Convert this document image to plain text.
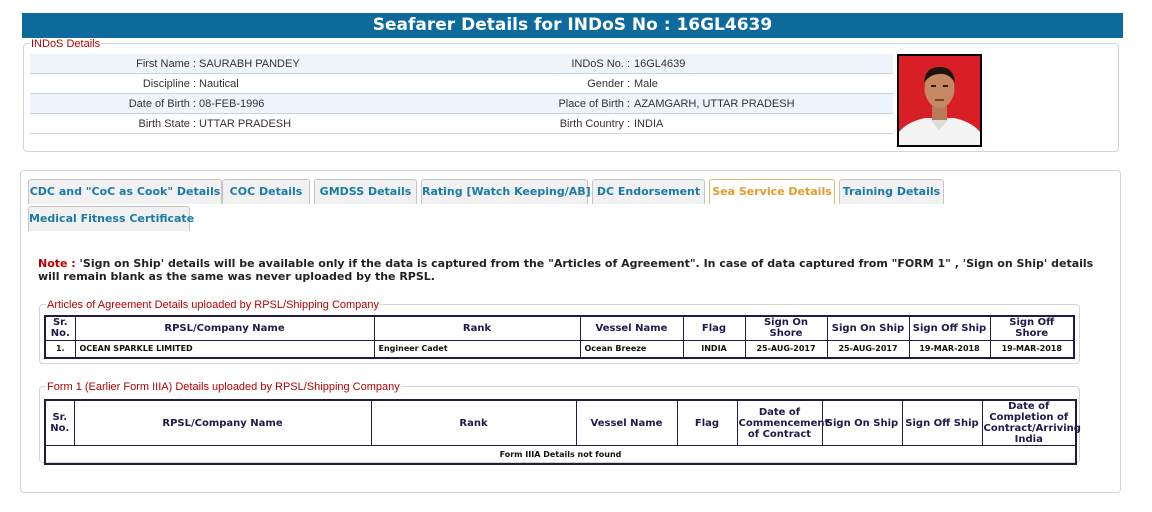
Seafarer Details for INDoS No : 16GL4639
INDoS Details
First Name : SAURABH PANDEY	INDoS No. : 16GL4639
Discipline : Nautical	Gender : Male
Date of Birth : 08-FEB-1996	Place of Birth : AZAMGARH, UTTAR PRADESH
Birth State : UTTAR PRADESH	Birth Country : INDIA
CDC and "CoC as Cook" Details COC Details	GMDSS Details Rating [Watch Keeping/AB] DC Endorsement	Sea Service Details	Training Details
Medical Fitness Certificate
Note : 'Sign on Ship' details will be available only if the data is captured from the "Articles of Agreement". In case of data captured from "FORM 1" , 'Sign on Ship' details will remain blank as the same was never uploaded by the RPSL.
Articles of Agreement Details uploaded by RPSL/Shipping Company
Sr. No.	RPSL/Company Name	Rank	Vessel Name	Flag	Sign On Shore	Sign On Ship	Sign Off Ship	Sign Off Shore
1.	OCEAN SPARKLE LIMITED	Engineer Cadet	Ocean Breeze	INDIA	25-AUG-2017	25-AUG-2017	19-MAR-2018	19-MAR-2018
Form 1 (Earlier Form IIIA) Details uploaded by RPSL/Shipping Company
Sr. No.	RPSL/Company Name	Rank	Vessel Name	Flag	Date of Commencement of Contract	Sign On Ship	Sign Off Ship	Date of Completion of Contract/Arriving India
Form IIIA Details not found
